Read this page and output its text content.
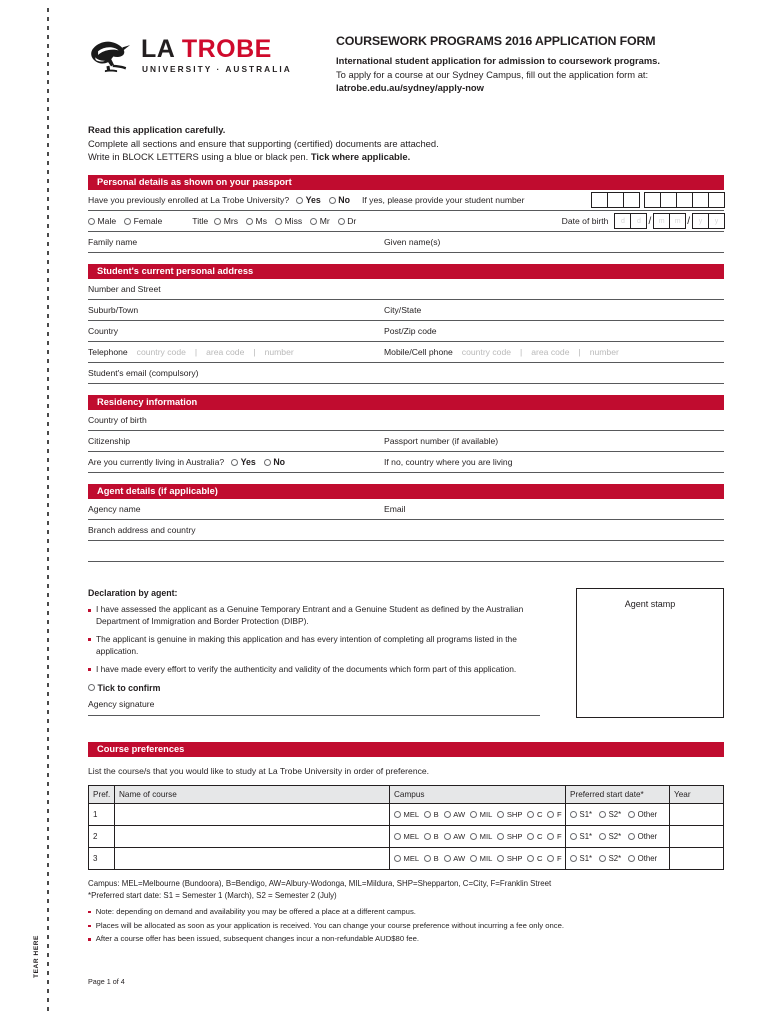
TEAR HERE
LA TROBE
UNIVERSITY · AUSTRALIA
COURSEWORK PROGRAMS 2016 APPLICATION FORM
International student application for admission to coursework programs.
To apply for a course at our Sydney Campus, fill out the application form at:
latrobe.edu.au/sydney/apply-now
Read this application carefully.
Complete all sections and ensure that supporting (certified) documents are attached.
Write in BLOCK LETTERS using a blue or black pen. Tick where applicable.
Personal details as shown on your passport
Have you previously enrolled at La Trobe University? Yes No If yes, please provide your student number
Male Female	Title Mrs Ms Miss Mr Dr	Date of birth	d	d /	m	m /	y	y
Family name	Given name(s)
Student's current personal address
Number and Street
Suburb/Town	City/State
Country	Post/Zip code
Telephone country code | area code | number	Mobile/Cell phone country code | area code | number
Student's email (compulsory)
Residency information
Country of birth
Citizenship	Passport number (if available)
Are you currently living in Australia? Yes No	If no, country where you are living
Agent details (if applicable)
Agency name	Email
Branch address and country
Declaration by agent:
I have assessed the applicant as a Genuine Temporary Entrant and a Genuine Student as defined by the Australian Department of Immigration and Border Protection (DIBP).
The applicant is genuine in making this application and has every intention of completing all programs listed in the application.
I have made every effort to verify the authenticity and validity of the documents which form part of this application.
Tick to confirm
Agency signature
Agent stamp
Course preferences
List the course/s that you would like to study at La Trobe University in order of preference.
Pref.	Name of course	Campus	Preferred start date*	Year
1		MEL B AW MIL SHP C F	S1* S2* Other

2		MEL B AW MIL SHP C F	S1* S2* Other

3		MEL B AW MIL SHP C F	S1* S2* Other

Campus: MEL=Melbourne (Bundoora), B=Bendigo, AW=Albury-Wodonga, MIL=Mildura, SHP=Shepparton, C=City, F=Franklin Street
*Preferred start date: S1 = Semester 1 (March), S2 = Semester 2 (July)
Note: depending on demand and availability you may be offered a place at a different campus.
Places will be allocated as soon as your application is received. You can change your course preference without incurring a fee only once.
After a course offer has been issued, subsequent changes incur a non-refundable AUD$80 fee.
Page 1 of 4
